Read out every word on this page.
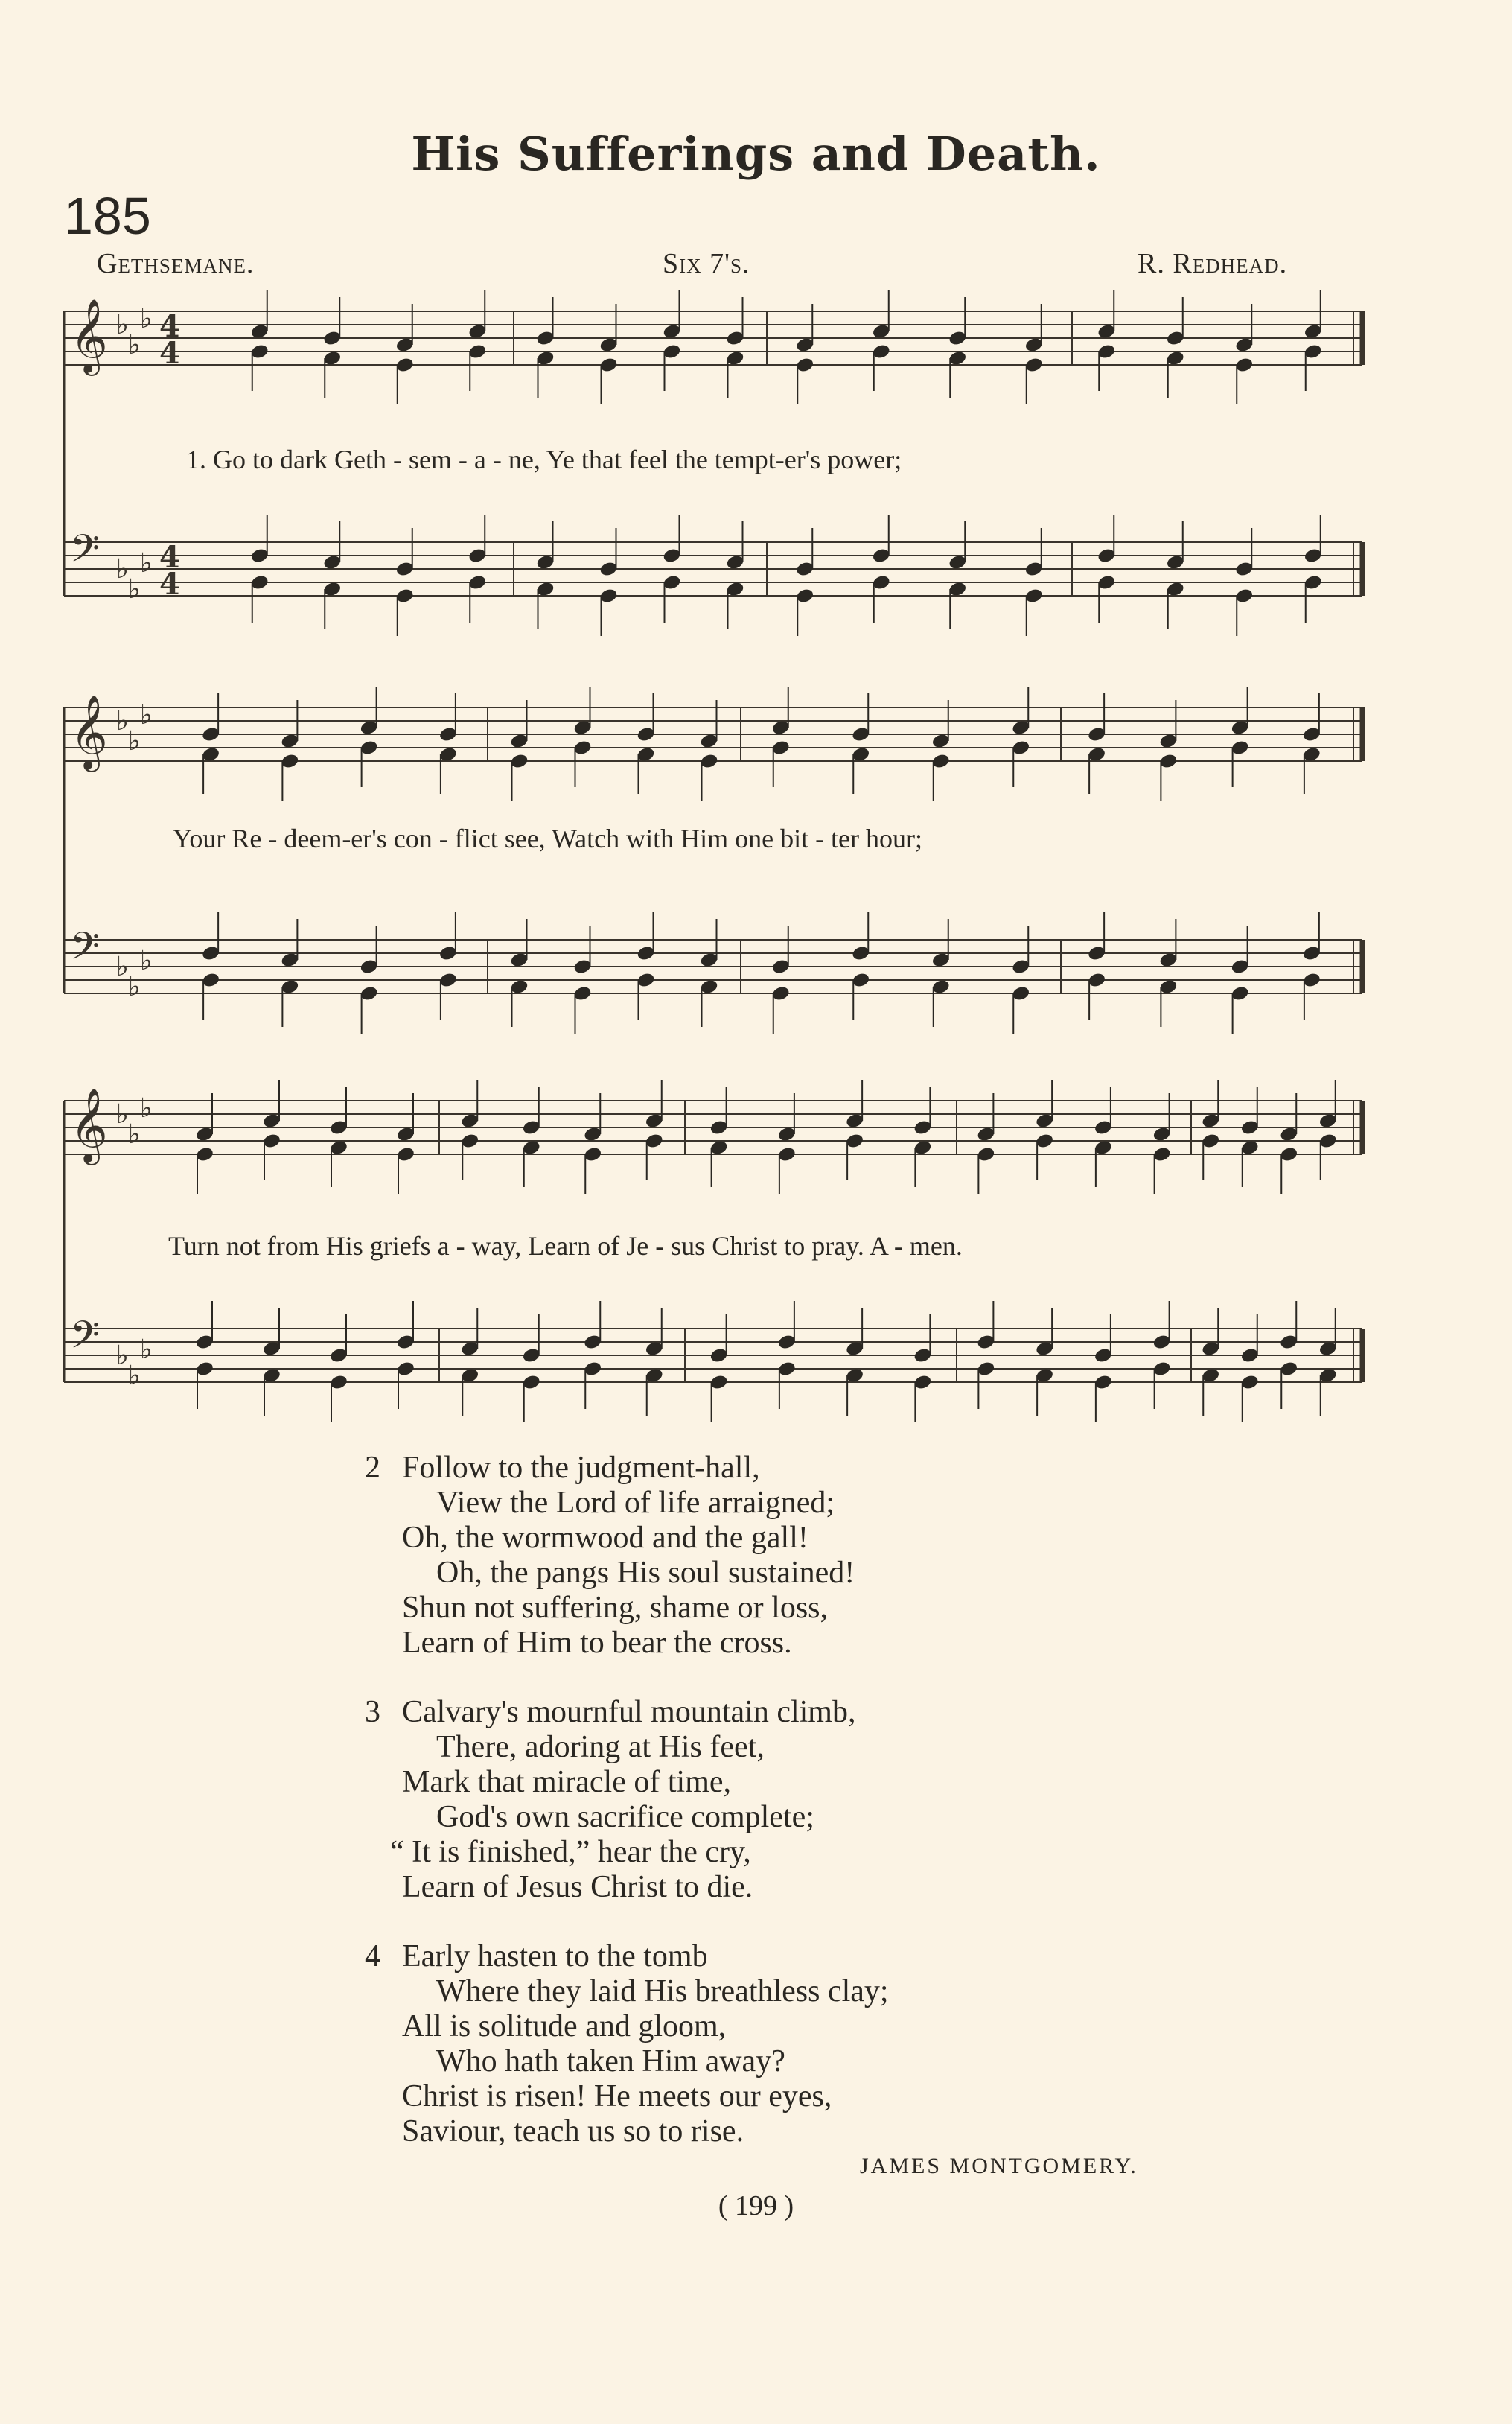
His Sufferings and Death.
185
Gethsemane.	Six 7's.	R. Redhead.
𝄞 ♭
♭
♭ 4
4
𝄢 ♭
♭
♭ 4
4
𝄞 ♭
♭
♭
𝄢 ♭
♭
♭
𝄞 ♭
♭
♭
𝄢 ♭
♭
♭
1. Go to dark Geth - sem - a - ne, Ye that feel the tempt-er's power;
Your Re - deem-er's con - flict see, Watch with Him one bit - ter hour;
Turn not from His griefs a - way, Learn of Je - sus Christ to pray. A - men.
2 Follow to the judgment-hall,
View the Lord of life arraigned;
Oh, the wormwood and the gall!
Oh, the pangs His soul sustained!
Shun not suffering, shame or loss,
Learn of Him to bear the cross.
3 Calvary's mournful mountain climb,
There, adoring at His feet,
Mark that miracle of time,
God's own sacrifice complete;
“ It is finished,” hear the cry,
Learn of Jesus Christ to die.
4 Early hasten to the tomb
Where they laid His breathless clay;
All is solitude and gloom,
Who hath taken Him away?
Christ is risen! He meets our eyes,
Saviour, teach us so to rise.
JAMES MONTGOMERY.
( 199 )
